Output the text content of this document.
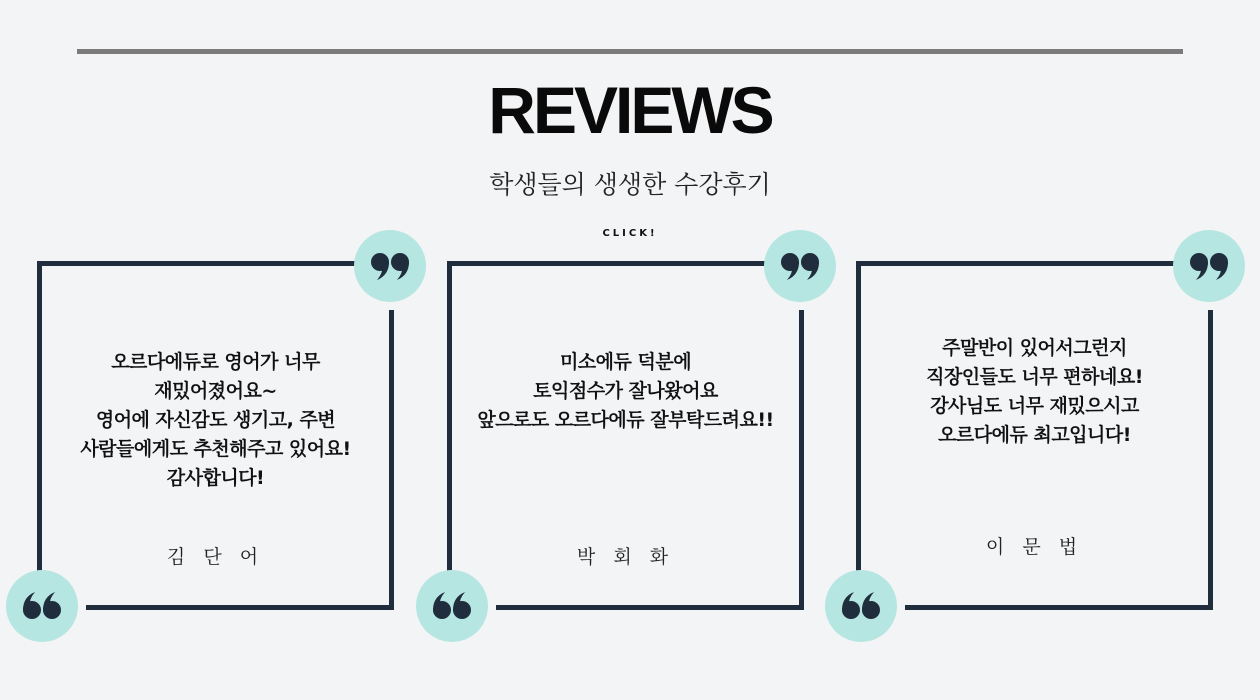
REVIEWS
학생들의 생생한 수강후기
CLICK!
오르다에듀로 영어가 너무
재밌어졌어요~
영어에 자신감도 생기고, 주변
사람들에게도 추천해주고 있어요!
감사합니다!
김 단 어
미소에듀 덕분에
토익점수가 잘나왔어요
앞으로도 오르다에듀 잘부탁드려요!!
박 회 화
주말반이 있어서그런지
직장인들도 너무 편하네요!
강사님도 너무 재밌으시고
오르다에듀 최고입니다!
이 문 법
